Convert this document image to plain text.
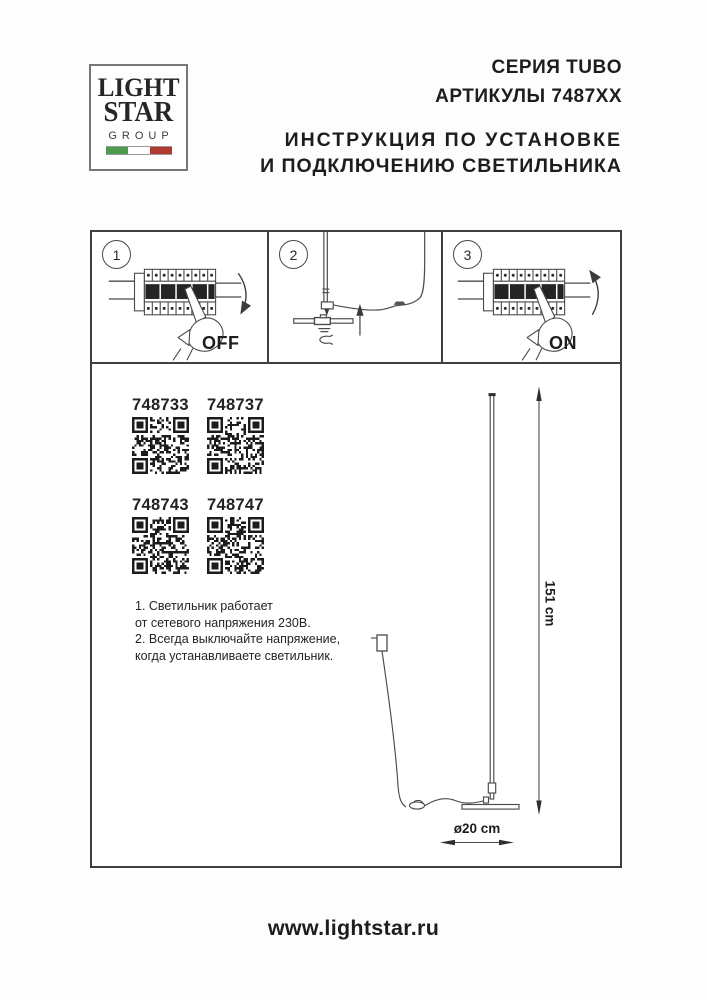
LIGHT
STAR
GROUP
СЕРИЯ TUBO
АРТИКУЛЫ 7487XX
ИНСТРУКЦИЯ ПО УСТАНОВКЕ
И ПОДКЛЮЧЕНИЮ СВЕТИЛЬНИКА
1
OFF
2	3
ON
151 cm
ø20 cm
748733 748737
748743 748747
1. Светильник работает
от сетевого напряжения 230В.
2. Всегда выключайте напряжение,
когда устанавливаете светильник.
www.lightstar.ru
